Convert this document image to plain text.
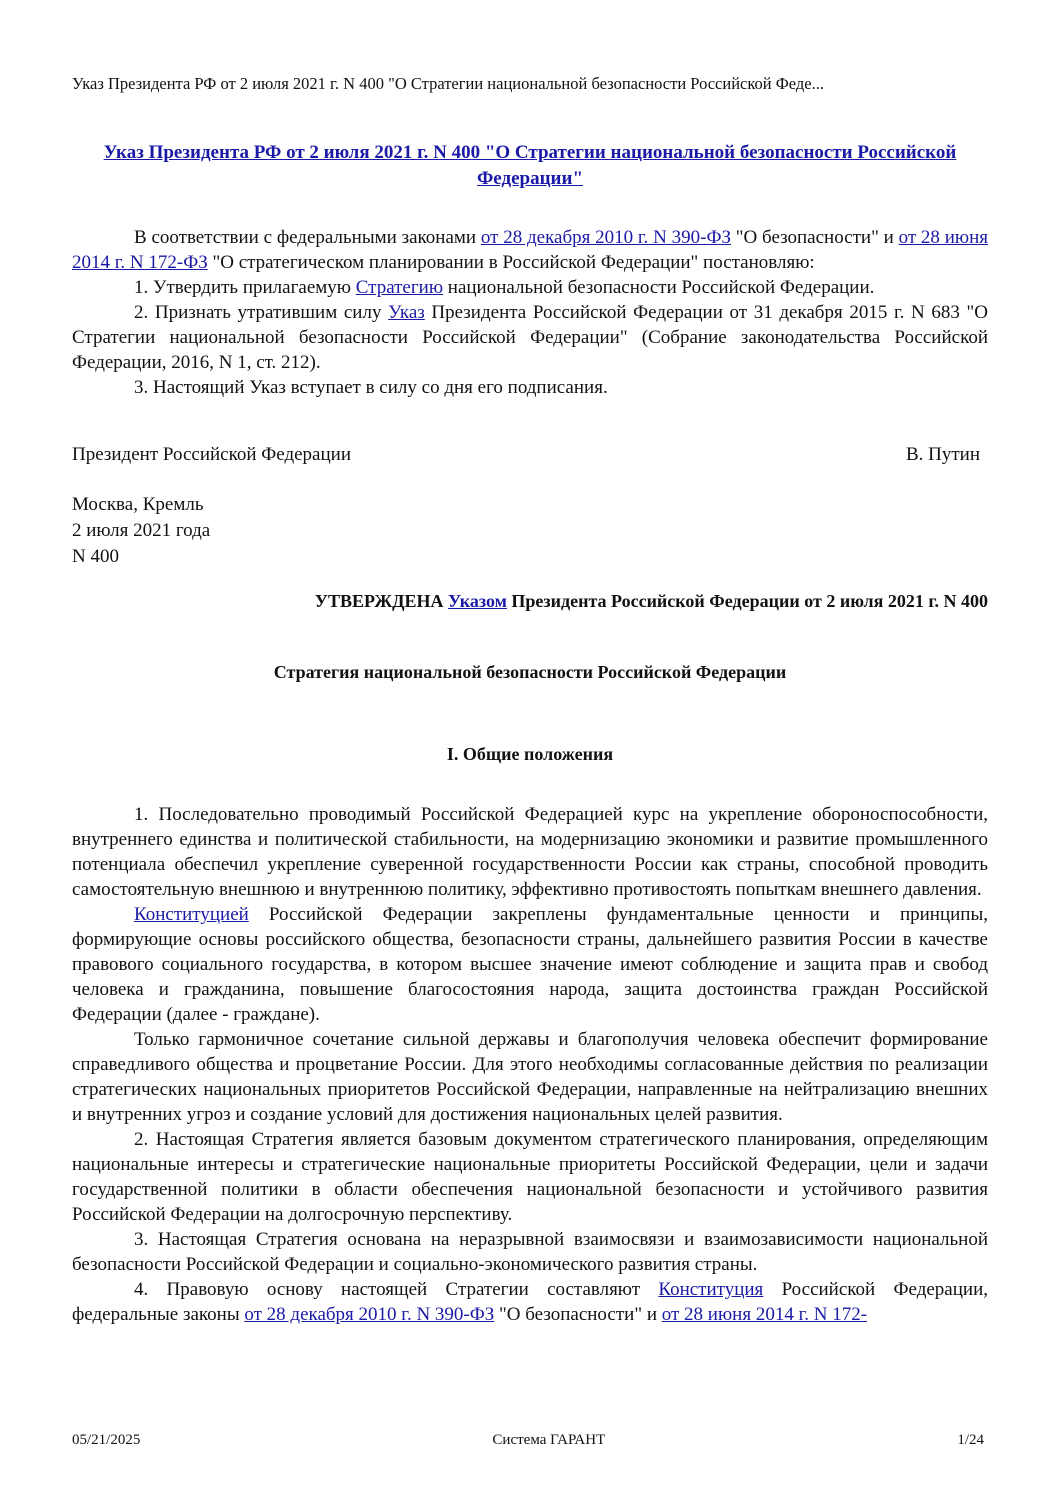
Указ Президента РФ от 2 июля 2021 г. N 400 "О Стратегии национальной безопасности Российской Феде...
Указ Президента РФ от 2 июля 2021 г. N 400 "О Стратегии национальной безопасности Российской Федерации"

В соответствии с федеральными законами от 28 декабря 2010 г. N 390-ФЗ "О безопасности" и от 28 июня 2014 г. N 172-ФЗ "О стратегическом планировании в Российской Федерации" постановляю:

1. Утвердить прилагаемую Стратегию национальной безопасности Российской Федерации.

2. Признать утратившим силу Указ Президента Российской Федерации от 31 декабря 2015 г. N 683 "О Стратегии национальной безопасности Российской Федерации" (Собрание законодательства Российской Федерации, 2016, N 1, ст. 212).

3. Настоящий Указ вступает в силу со дня его подписания.

Президент Российской Федерации	В. Путин
Москва, Кремль
2 июля 2021 года
N 400
УТВЕРЖДЕНА Указом Президента Российской Федерации от 2 июля 2021 г. N 400
Стратегия национальной безопасности Российской Федерации
I. Общие положения

1. Последовательно проводимый Российской Федерацией курс на укрепление обороноспособности, внутреннего единства и политической стабильности, на модернизацию экономики и развитие промышленного потенциала обеспечил укрепление суверенной государственности России как страны, способной проводить самостоятельную внешнюю и внутреннюю политику, эффективно противостоять попыткам внешнего давления.

Конституцией Российской Федерации закреплены фундаментальные ценности и принципы, формирующие основы российского общества, безопасности страны, дальнейшего развития России в качестве правового социального государства, в котором высшее значение имеют соблюдение и защита прав и свобод человека и гражданина, повышение благосостояния народа, защита достоинства граждан Российской Федерации (далее - граждане).

Только гармоничное сочетание сильной державы и благополучия человека обеспечит формирование справедливого общества и процветание России. Для этого необходимы согласованные действия по реализации стратегических национальных приоритетов Российской Федерации, направленные на нейтрализацию внешних и внутренних угроз и создание условий для достижения национальных целей развития.

2. Настоящая Стратегия является базовым документом стратегического планирования, определяющим национальные интересы и стратегические национальные приоритеты Российской Федерации, цели и задачи государственной политики в области обеспечения национальной безопасности и устойчивого развития Российской Федерации на долгосрочную перспективу.

3. Настоящая Стратегия основана на неразрывной взаимосвязи и взаимозависимости национальной безопасности Российской Федерации и социально-экономического развития страны.

4. Правовую основу настоящей Стратегии составляют Конституция Российской Федерации, федеральные законы от 28 декабря 2010 г. N 390-ФЗ "О безопасности" и от 28 июня 2014 г. N 172-

05/21/2025	Система ГАРАНТ	1/24
